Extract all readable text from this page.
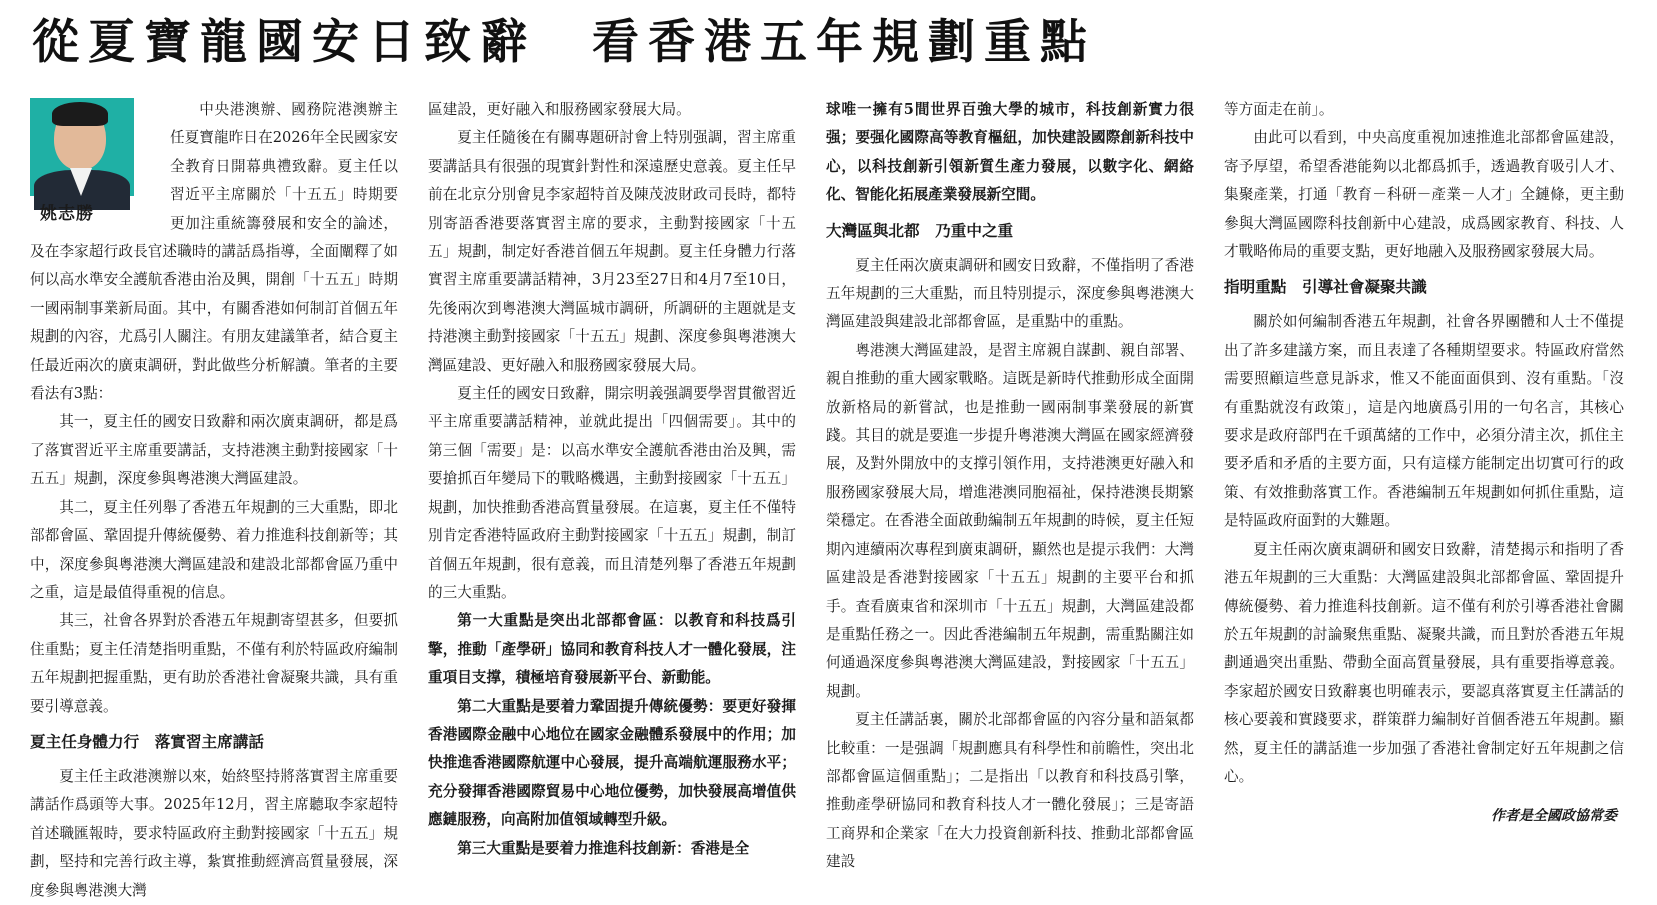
從夏寶龍國安日致辭　看香港五年規劃重點
姚志勝

中央港澳辦、國務院港澳辦主任夏寶龍昨日在2026年全民國家安全教育日開幕典禮致辭。夏主任以習近平主席關於「十五五」時期要更加注重統籌發展和安全的論述，及在李家超行政長官述職時的講話爲指導，全面闡釋了如何以高水準安全護航香港由治及興，開創「十五五」時期一國兩制事業新局面。其中，有關香港如何制訂首個五年規劃的內容，尤爲引人關注。有朋友建議筆者，結合夏主任最近兩次的廣東調研，對此做些分析解讀。筆者的主要看法有3點：

其一，夏主任的國安日致辭和兩次廣東調研，都是爲了落實習近平主席重要講話，支持港澳主動對接國家「十五五」規劃，深度參與粵港澳大灣區建設。

其二，夏主任列舉了香港五年規劃的三大重點，即北部都會區、鞏固提升傳統優勢、着力推進科技創新等；其中，深度參與粵港澳大灣區建設和建設北部都會區乃重中之重，這是最值得重視的信息。

其三，社會各界對於香港五年規劃寄望甚多，但要抓住重點；夏主任清楚指明重點，不僅有利於特區政府編制五年規劃把握重點，更有助於香港社會凝聚共識，具有重要引導意義。

夏主任身體力行　落實習主席講話

夏主任主政港澳辦以來，始終堅持將落實習主席重要講話作爲頭等大事。2025年12月，習主席聽取李家超特首述職匯報時，要求特區政府主動對接國家「十五五」規劃，堅持和完善行政主導，紮實推動經濟高質量發展，深度參與粵港澳大灣

區建設，更好融入和服務國家發展大局。

夏主任隨後在有關專題研討會上特別强調，習主席重要講話具有很强的現實針對性和深遠歷史意義。夏主任早前在北京分別會見李家超特首及陳茂波財政司長時，都特別寄語香港要落實習主席的要求，主動對接國家「十五五」規劃，制定好香港首個五年規劃。夏主任身體力行落實習主席重要講話精神，3月23至27日和4月7至10日，先後兩次到粵港澳大灣區城市調研，所調研的主題就是支持港澳主動對接國家「十五五」規劃、深度參與粵港澳大灣區建設、更好融入和服務國家發展大局。

夏主任的國安日致辭，開宗明義强調要學習貫徹習近平主席重要講話精神，並就此提出「四個需要」。其中的第三個「需要」是：以高水準安全護航香港由治及興，需要搶抓百年變局下的戰略機遇，主動對接國家「十五五」規劃，加快推動香港高質量發展。在這裏，夏主任不僅特別肯定香港特區政府主動對接國家「十五五」規劃，制訂首個五年規劃，很有意義，而且清楚列舉了香港五年規劃的三大重點。

第一大重點是突出北部都會區：以教育和科技爲引擎，推動「產學研」協同和教育科技人才一體化發展，注重項目支撑，積極培育發展新平台、新動能。

第二大重點是要着力鞏固提升傳統優勢：要更好發揮香港國際金融中心地位在國家金融體系發展中的作用；加快推進香港國際航運中心發展，提升高端航運服務水平；充分發揮香港國際貿易中心地位優勢，加快發展高增值供應鏈服務，向高附加值領域轉型升級。

第三大重點是要着力推進科技創新：香港是全

球唯一擁有5間世界百強大學的城市，科技創新實力很强；要强化國際高等教育樞紐，加快建設國際創新科技中心，以科技創新引領新質生產力發展，以數字化、網絡化、智能化拓展產業發展新空間。

大灣區與北都　乃重中之重

夏主任兩次廣東調研和國安日致辭，不僅指明了香港五年規劃的三大重點，而且特別提示，深度參與粵港澳大灣區建設與建設北部都會區，是重點中的重點。

粵港澳大灣區建設，是習主席親自謀劃、親自部署、親自推動的重大國家戰略。這既是新時代推動形成全面開放新格局的新嘗試，也是推動一國兩制事業發展的新實踐。其目的就是要進一步提升粵港澳大灣區在國家經濟發展，及對外開放中的支撑引領作用，支持港澳更好融入和服務國家發展大局，增進港澳同胞福祉，保持港澳長期繁榮穩定。在香港全面啟動編制五年規劃的時候，夏主任短期內連續兩次專程到廣東調研，顯然也是提示我們：大灣區建設是香港對接國家「十五五」規劃的主要平台和抓手。查看廣東省和深圳市「十五五」規劃，大灣區建設都是重點任務之一。因此香港編制五年規劃，需重點關注如何通過深度參與粵港澳大灣區建設，對接國家「十五五」規劃。

夏主任講話裏，關於北部都會區的內容分量和語氣都比較重：一是强調「規劃應具有科學性和前瞻性，突出北部都會區這個重點」；二是指出「以教育和科技爲引擎，推動產學研協同和教育科技人才一體化發展」；三是寄語工商界和企業家「在大力投資創新科技、推動北部都會區建設

等方面走在前」。

由此可以看到，中央高度重視加速推進北部都會區建設，寄予厚望，希望香港能夠以北都爲抓手，透過教育吸引人才、集聚產業，打通「教育－科研－產業－人才」全鏈條，更主動參與大灣區國際科技創新中心建設，成爲國家教育、科技、人才戰略佈局的重要支點，更好地融入及服務國家發展大局。

指明重點　引導社會凝聚共識

關於如何編制香港五年規劃，社會各界團體和人士不僅提出了許多建議方案，而且表達了各種期望要求。特區政府當然需要照顧這些意見訴求，惟又不能面面俱到、沒有重點。「沒有重點就沒有政策」，這是內地廣爲引用的一句名言，其核心要求是政府部門在千頭萬緒的工作中，必須分清主次，抓住主要矛盾和矛盾的主要方面，只有這樣方能制定出切實可行的政策、有效推動落實工作。香港編制五年規劃如何抓住重點，這是特區政府面對的大難題。

夏主任兩次廣東調研和國安日致辭，清楚揭示和指明了香港五年規劃的三大重點：大灣區建設與北部都會區、鞏固提升傳統優勢、着力推進科技創新。這不僅有利於引導香港社會關於五年規劃的討論聚焦重點、凝聚共識，而且對於香港五年規劃通過突出重點、帶動全面高質量發展，具有重要指導意義。李家超於國安日致辭裏也明確表示，要認真落實夏主任講話的核心要義和實踐要求，群策群力編制好首個香港五年規劃。顯然，夏主任的講話進一步加强了香港社會制定好五年規劃之信心。

作者是全國政協常委
